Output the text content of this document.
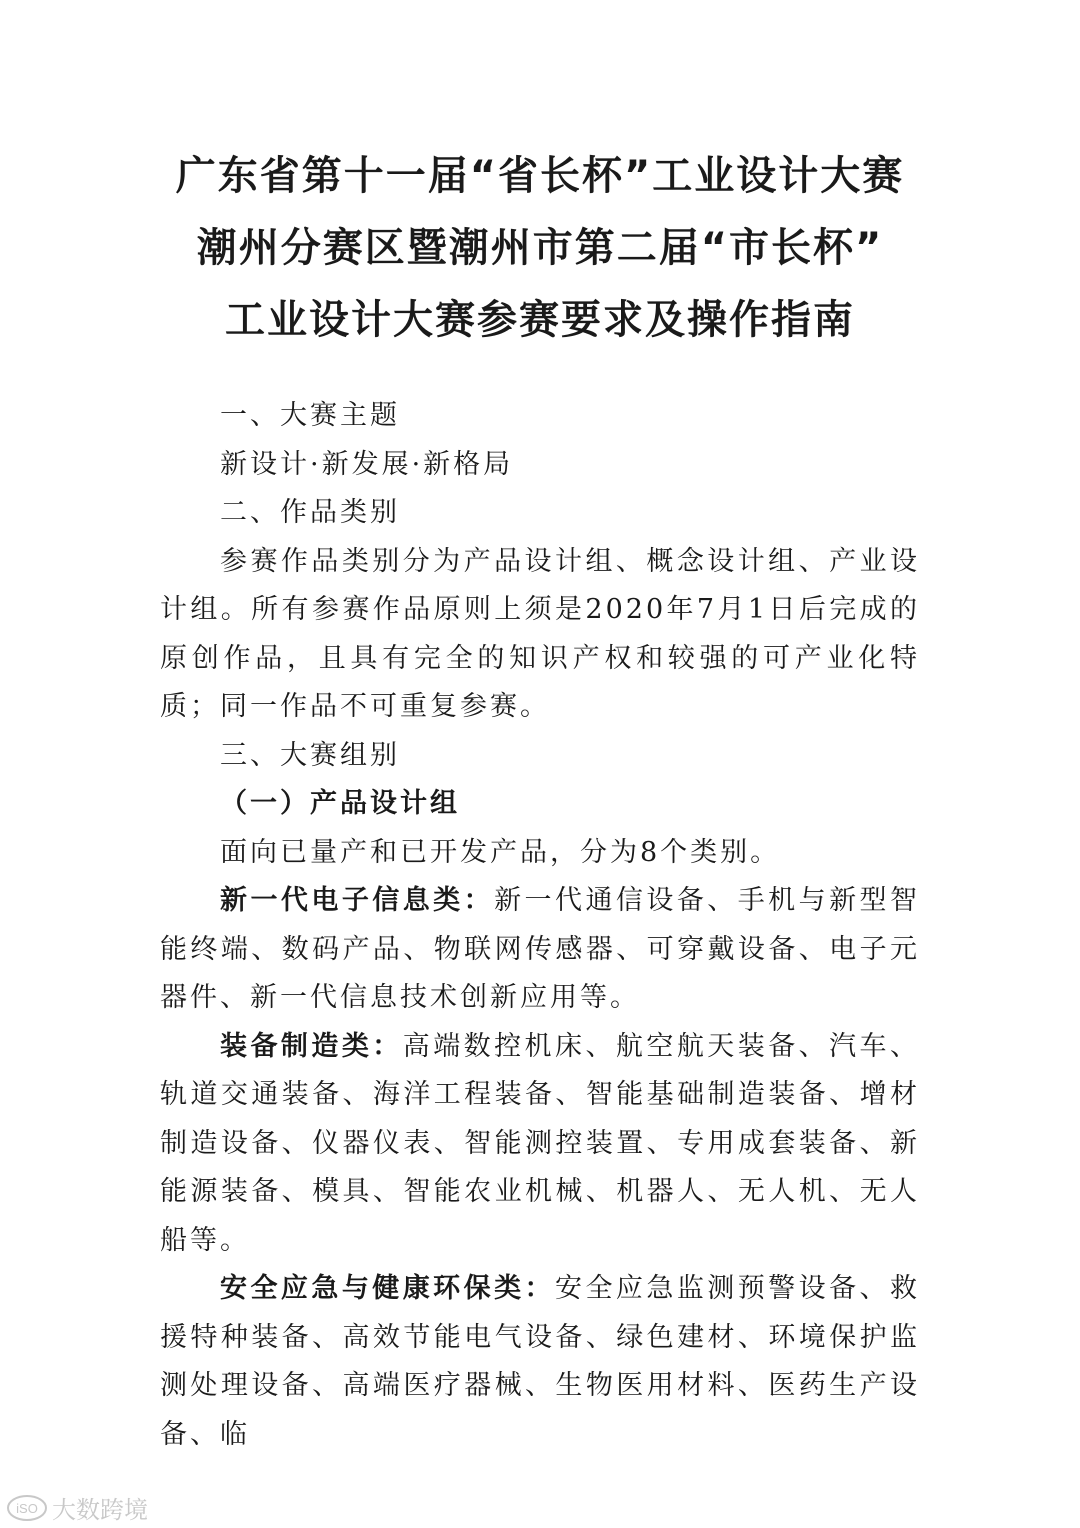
广东省第十一届“省长杯”工业设计大赛
潮州分赛区暨潮州市第二届“市长杯”
工业设计大赛参赛要求及操作指南

一、大赛主题

新设计·新发展·新格局

二、作品类别

参赛作品类别分为产品设计组、概念设计组、产业设计组。所有参赛作品原则上须是2020年7月1日后完成的原创作品，且具有完全的知识产权和较强的可产业化特质；同一作品不可重复参赛。

三、大赛组别

（一）产品设计组

面向已量产和已开发产品，分为8个类别。

新一代电子信息类：新一代通信设备、手机与新型智能终端、数码产品、物联网传感器、可穿戴设备、电子元器件、新一代信息技术创新应用等。

装备制造类：高端数控机床、航空航天装备、汽车、轨道交通装备、海洋工程装备、智能基础制造装备、增材制造设备、仪器仪表、智能测控装置、专用成套装备、新能源装备、模具、智能农业机械、机器人、无人机、无人船等。

安全应急与健康环保类：安全应急监测预警设备、救援特种装备、高效节能电气设备、绿色建材、环境保护监测处理设备、高端医疗器械、生物医用材料、医药生产设备、临

iSO 大数跨境
